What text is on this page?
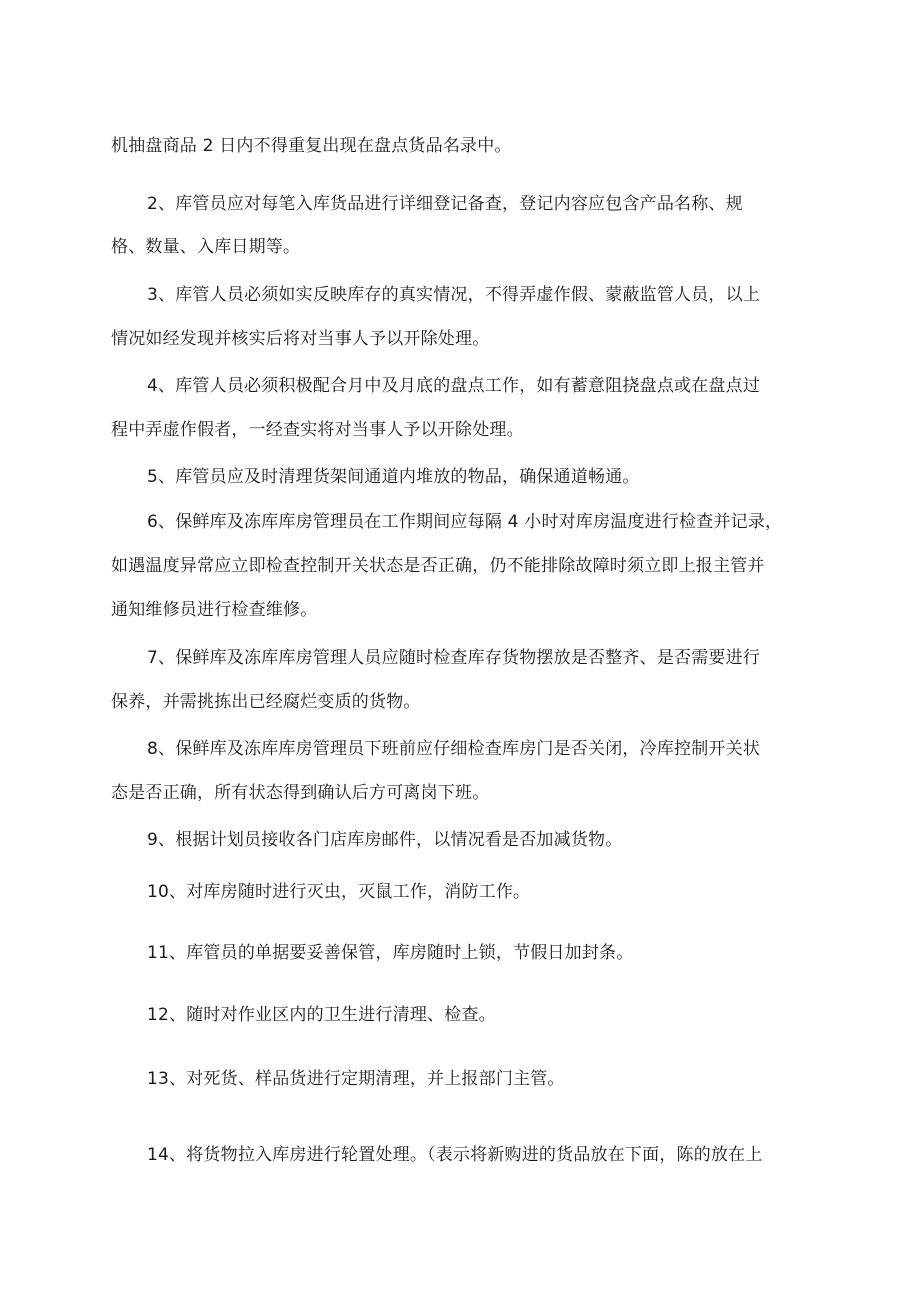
机抽盘商品 2 日内不得重复出现在盘点货品名录中。
2、库管员应对每笔入库货品进行详细登记备查，登记内容应包含产品名称、规
格、数量、入库日期等。
3、库管人员必须如实反映库存的真实情况，不得弄虚作假、蒙蔽监管人员，以上
情况如经发现并核实后将对当事人予以开除处理。
4、库管人员必须积极配合月中及月底的盘点工作，如有蓄意阻挠盘点或在盘点过
程中弄虚作假者，一经查实将对当事人予以开除处理。
5、库管员应及时清理货架间通道内堆放的物品，确保通道畅通。
6、保鲜库及冻库库房管理员在工作期间应每隔 4 小时对库房温度进行检查并记录，
如遇温度异常应立即检查控制开关状态是否正确，仍不能排除故障时须立即上报主管并
通知维修员进行检查维修。
7、保鲜库及冻库库房管理人员应随时检查库存货物摆放是否整齐、是否需要进行
保养，并需挑拣出已经腐烂变质的货物。
8、保鲜库及冻库库房管理员下班前应仔细检查库房门是否关闭，冷库控制开关状
态是否正确，所有状态得到确认后方可离岗下班。
9、根据计划员接收各门店库房邮件，以情况看是否加减货物。
10、对库房随时进行灭虫，灭鼠工作，消防工作。
11、库管员的单据要妥善保管，库房随时上锁，节假日加封条。
12、随时对作业区内的卫生进行清理、检查。
13、对死货、样品货进行定期清理，并上报部门主管。
14、将货物拉入库房进行轮置处理。（表示将新购进的货品放在下面，陈的放在上
